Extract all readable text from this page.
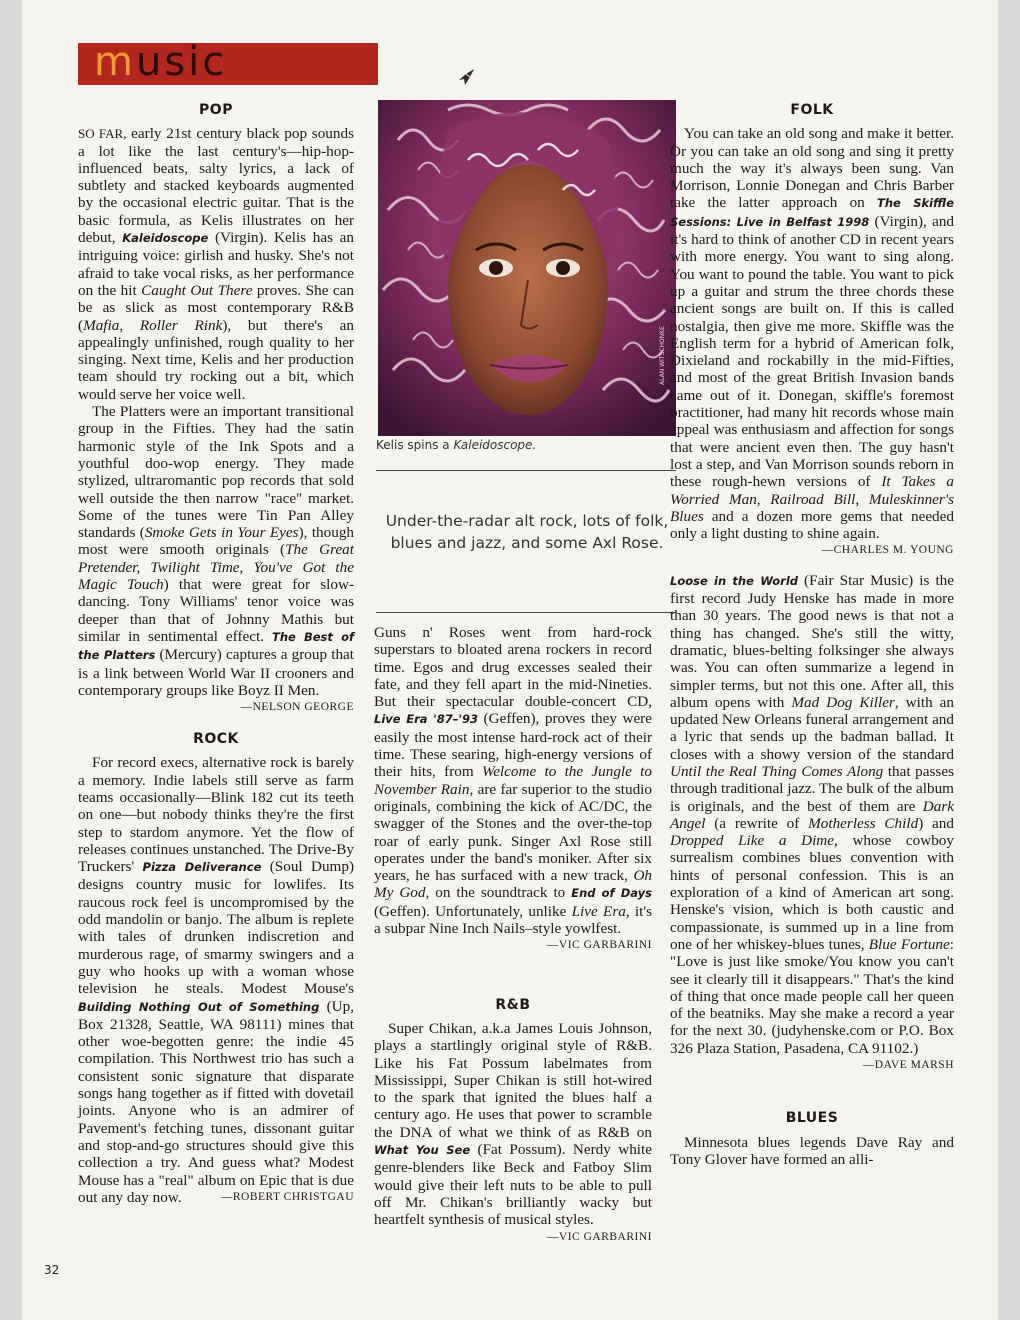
music
POP

SO FAR, early 21st century black pop sounds a lot like the last century's—hip-hop-influenced beats, salty lyrics, a lack of subtlety and stacked keyboards augmented by the occasional electric guitar. That is the basic formula, as Kelis illustrates on her debut, Kaleidoscope (Virgin). Kelis has an intriguing voice: girlish and husky. She's not afraid to take vocal risks, as her performance on the hit Caught Out There proves. She can be as slick as most contemporary R&B (Mafia, Roller Rink), but there's an appealingly unfinished, rough quality to her singing. Next time, Kelis and her production team should try rocking out a bit, which would serve her voice well.

The Platters were an important transitional group in the Fifties. They had the satin harmonic style of the Ink Spots and a youthful doo-wop energy. They made stylized, ultraromantic pop records that sold well outside the then narrow "race" market. Some of the tunes were Tin Pan Alley standards (Smoke Gets in Your Eyes), though most were smooth originals (The Great Pretender, Twilight Time, You've Got the Magic Touch) that were great for slow-dancing. Tony Williams' tenor voice was deeper than that of Johnny Mathis but similar in sentimental effect. The Best of the Platters (Mercury) captures a group that is a link between World War II crooners and contemporary groups like Boyz II Men.
—NELSON GEORGE

ROCK

For record execs, alternative rock is barely a memory. Indie labels still serve as farm teams occasionally—Blink 182 cut its teeth on one—but nobody thinks they're the first step to stardom anymore. Yet the flow of releases continues unstanched. The Drive-By Truckers' Pizza Deliverance (Soul Dump) designs country music for lowlifes. Its raucous rock feel is uncompromised by the odd mandolin or banjo. The album is replete with tales of drunken indiscretion and murderous rage, of smarmy swingers and a guy who hooks up with a woman whose television he steals. Modest Mouse's Building Nothing Out of Something (Up, Box 21328, Seattle, WA 98111) mines that other woe-begotten genre: the indie 45 compilation. This Northwest trio has such a consistent sonic signature that disparate songs hang together as if fitted with dovetail joints. Anyone who is an admirer of Pavement's fetching tunes, dissonant guitar and stop-and-go structures should give this collection a try. And guess what? Modest Mouse has a "real" album on Epic that is due out any day now.	—ROBERT CHRISTGAU

32
ALAN WITSCHONKE
Kelis spins a Kaleidoscope.
Under-the-radar alt rock, lots of folk, blues and jazz, and some Axl Rose.

Guns n' Roses went from hard-rock superstars to bloated arena rockers in record time. Egos and drug excesses sealed their fate, and they fell apart in the mid-Nineties. But their spectacular double-concert CD, Live Era '87–'93 (Geffen), proves they were easily the most intense hard-rock act of their time. These searing, high-energy versions of their hits, from Welcome to the Jungle to November Rain, are far superior to the studio originals, combining the kick of AC/DC, the swagger of the Stones and the over-the-top roar of early punk. Singer Axl Rose still operates under the band's moniker. After six years, he has surfaced with a new track, Oh My God, on the soundtrack to End of Days (Geffen). Unfortunately, unlike Live Era, it's a subpar Nine Inch Nails–style yowlfest.

—VIC GARBARINI
R&B

Super Chikan, a.k.a James Louis Johnson, plays a startlingly original style of R&B. Like his Fat Possum labelmates from Mississippi, Super Chikan is still hot-wired to the spark that ignited the blues half a century ago. He uses that power to scramble the DNA of what we think of as R&B on What You See (Fat Possum). Nerdy white genre-blenders like Beck and Fatboy Slim would give their left nuts to be able to pull off Mr. Chikan's brilliantly wacky but heartfelt synthesis of musical styles.
—VIC GARBARINI

FOLK

You can take an old song and make it better. Or you can take an old song and sing it pretty much the way it's always been sung. Van Morrison, Lonnie Donegan and Chris Barber take the latter approach on The Skiffle Sessions: Live in Belfast 1998 (Virgin), and it's hard to think of another CD in recent years with more energy. You want to sing along. You want to pound the table. You want to pick up a guitar and strum the three chords these ancient songs are built on. If this is called nostalgia, then give me more. Skiffle was the English term for a hybrid of American folk, Dixieland and rockabilly in the mid-Fifties, and most of the great British Invasion bands came out of it. Donegan, skiffle's foremost practitioner, had many hit records whose main appeal was enthusiasm and affection for songs that were ancient even then. The guy hasn't lost a step, and Van Morrison sounds reborn in these rough-hewn versions of It Takes a Worried Man, Railroad Bill, Muleskinner's Blues and a dozen more gems that needed only a light dusting to shine again.

—CHARLES M. YOUNG

Loose in the World (Fair Star Music) is the first record Judy Henske has made in more than 30 years. The good news is that not a thing has changed. She's still the witty, dramatic, blues-belting folksinger she always was. You can often summarize a legend in simpler terms, but not this one. After all, this album opens with Mad Dog Killer, with an updated New Orleans funeral arrangement and a lyric that sends up the badman ballad. It closes with a showy version of the standard Until the Real Thing Comes Along that passes through traditional jazz. The bulk of the album is originals, and the best of them are Dark Angel (a rewrite of Motherless Child) and Dropped Like a Dime, whose cowboy surrealism combines blues convention with hints of personal confession. This is an exploration of a kind of American art song. Henske's vision, which is both caustic and compassionate, is summed up in a line from one of her whiskey-blues tunes, Blue Fortune: "Love is just like smoke/You know you can't see it clearly till it disappears." That's the kind of thing that once made people call her queen of the beatniks. May she make a record a year for the next 30. (judyhenske.com or P.O. Box 326 Plaza Station, Pasadena, CA 91102.)

—DAVE MARSH
BLUES

Minnesota blues legends Dave Ray and Tony Glover have formed an alli-
